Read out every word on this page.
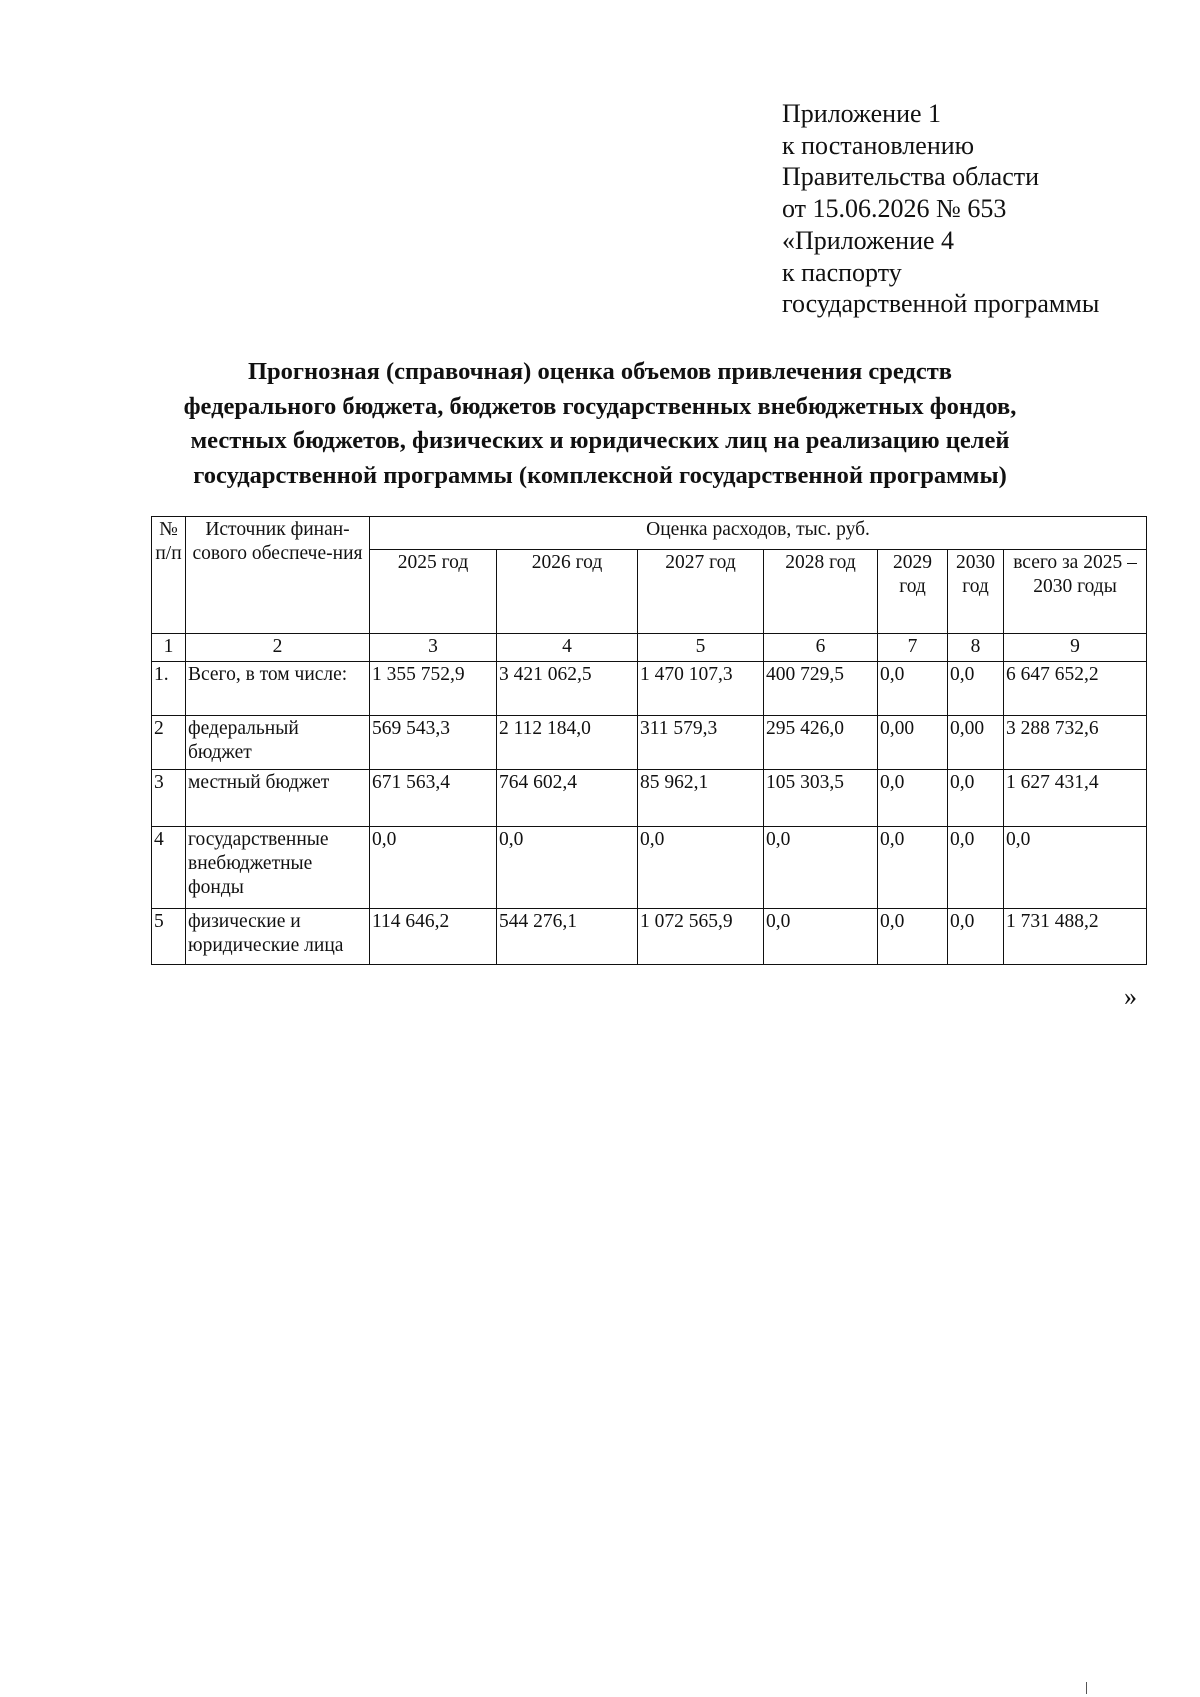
Приложение 1
к постановлению
Правительства области
от 15.06.2026 № 653
«Приложение 4
к паспорту
государственной программы
Прогнозная (справочная) оценка объемов привлечения средств
федерального бюджета, бюджетов государственных внебюджетных фондов,
местных бюджетов, физических и юридических лиц на реализацию целей
государственной программы (комплексной государственной программы)
№ п/п	Источник финан-сового обеспече-ния	Оценка расходов, тыс. руб.						
		2025 год	2026 год	2027 год	2028 год	2029 год	2030 год	всего за 2025 – 2030 годы
1	2	3	4	5	6	7	8	9
1.	Всего, в том числе:	1 355 752,9	3 421 062,5	1 470 107,3	400 729,5	0,0	0,0	6 647 652,2
2	федеральный бюджет	569 543,3	2 112 184,0	311 579,3	295 426,0	0,00	0,00	3 288 732,6
3	местный бюджет	671 563,4	764 602,4	85 962,1	105 303,5	0,0	0,0	1 627 431,4
4	государственные внебюджетные фонды	0,0	0,0	0,0	0,0	0,0	0,0	0,0
5	физические и юридические лица	114 646,2	544 276,1	1 072 565,9	0,0	0,0	0,0	1 731 488,2
»
